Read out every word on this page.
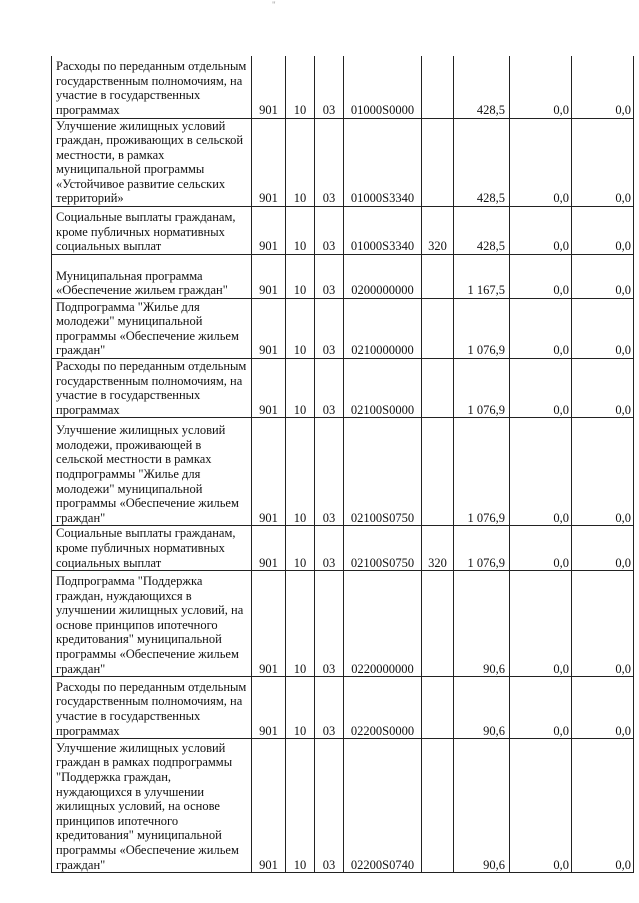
"
Расходы по переданным отдельным государственным полномочиям, на участие в государственных программах	901	10	03	01000S0000		428,5	0,0	0,0
Улучшение жилищных условий граждан, проживающих в сельской местности, в рамках муниципальной программы «Устойчивое развитие сельских территорий»	901	10	03	01000S3340		428,5	0,0	0,0
Социальные выплаты гражданам, кроме публичных нормативных социальных выплат	901	10	03	01000S3340	320	428,5	0,0	0,0
Муниципальная программа «Обеспечение жильем граждан"	901	10	03	0200000000		1 167,5	0,0	0,0
Подпрограмма "Жилье для молодежи" муниципальной программы «Обеспечение жильем граждан"	901	10	03	0210000000		1 076,9	0,0	0,0
Расходы по переданным отдельным государственным полномочиям, на участие в государственных программах	901	10	03	02100S0000		1 076,9	0,0	0,0
Улучшение жилищных условий молодежи, проживающей в сельской местности в рамках подпрограммы "Жилье для молодежи" муниципальной программы «Обеспечение жильем граждан"	901	10	03	02100S0750		1 076,9	0,0	0,0
Социальные выплаты гражданам, кроме публичных нормативных социальных выплат	901	10	03	02100S0750	320	1 076,9	0,0	0,0
Подпрограмма "Поддержка граждан, нуждающихся в улучшении жилищных условий, на основе принципов ипотечного кредитования" муниципальной программы «Обеспечение жильем граждан"	901	10	03	0220000000		90,6	0,0	0,0
Расходы по переданным отдельным государственным полномочиям, на участие в государственных программах	901	10	03	02200S0000		90,6	0,0	0,0
Улучшение жилищных условий граждан в рамках подпрограммы "Поддержка граждан, нуждающихся в улучшении жилищных условий, на основе принципов ипотечного кредитования" муниципальной программы «Обеспечение жильем граждан"	901	10	03	02200S0740		90,6	0,0	0,0
